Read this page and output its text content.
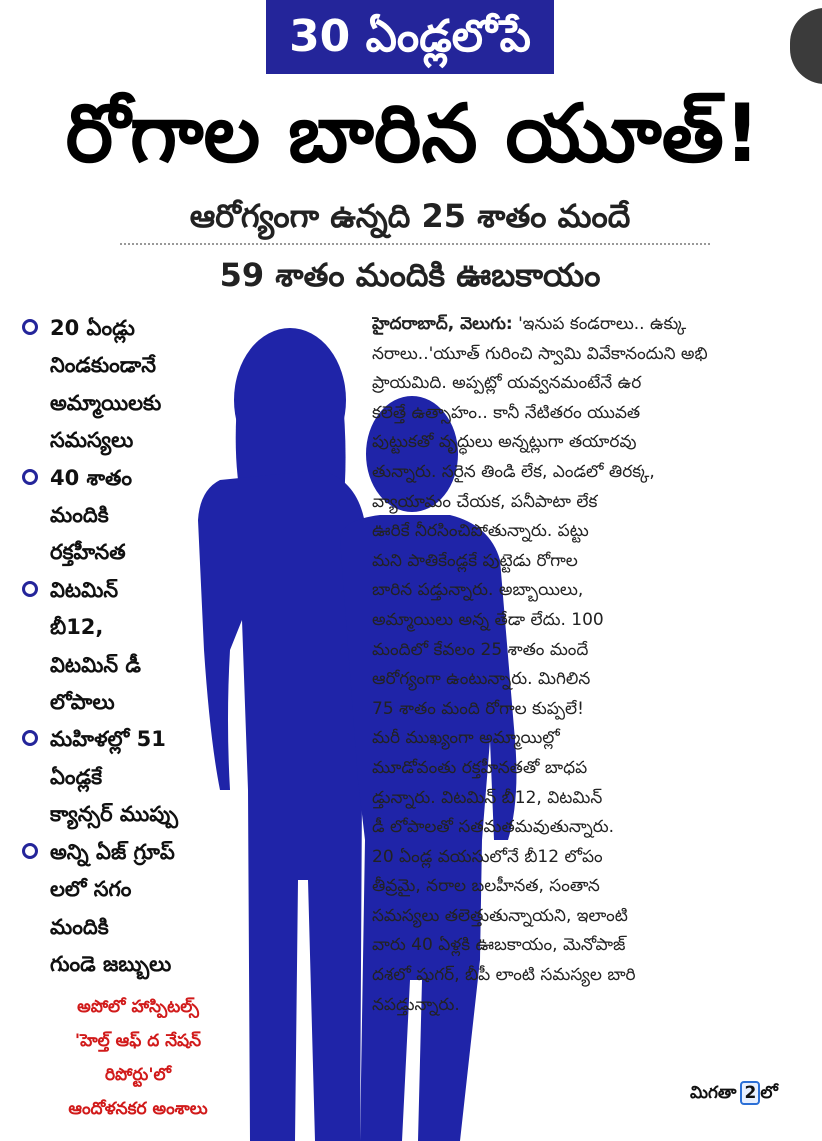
30 ఏండ్లలోపే
రోగాల బారిన యూత్!
ఆరోగ్యంగా ఉన్నది 25 శాతం మందే
59 శాతం మందికి ఊబకాయం
20 ఏండ్లు
నిండకుండానే
అమ్మాయిలకు
సమస్యలు
40 శాతం
మందికి
రక్తహీనత
విటమిన్
బీ12,
విటమిన్ డీ
లోపాలు
మహిళల్లో 51
ఏండ్లకే
క్యాన్సర్ ముప్పు
అన్ని ఏజ్ గ్రూప్
లలో సగం
మందికి
గుండె జబ్బులు
అపోలో హాస్పిటల్స్
'హెల్త్ ఆఫ్ ద నేషన్
రిపోర్టు'లో
ఆందోళనకర అంశాలు
హైదరాబాద్, వెలుగు: 'ఇనుప కండరాలు.. ఉక్కు
నరాలు..'యూత్ గురించి స్వామి వివేకానందుని అభి
ప్రాయమిది. అప్పట్లో యవ్వనమంటేనే ఉర
కలెత్తే ఉత్సాహం.. కానీ నేటితరం యువత
పుట్టుకతో వృద్ధులు అన్నట్లుగా తయారవు
తున్నారు. సరైన తిండి లేక, ఎండలో తిరక్క,
వ్యాయామం చేయక, పనీపాటా లేక
ఊరికే నీరసించిపోతున్నారు. పట్టు
మని పాతికేండ్లకే పుట్టెడు రోగాల
బారిన పడ్తున్నారు. అబ్బాయిలు,
అమ్మాయిలు అన్న తేడా లేదు. 100
మందిలో కేవలం 25 శాతం మందే
ఆరోగ్యంగా ఉంటున్నారు. మిగిలిన
75 శాతం మంది రోగాల కుప్పలే!
మరీ ముఖ్యంగా అమ్మాయిల్లో
మూడోవంతు రక్తహీనతతో బాధప
డ్తున్నారు. విటమిన్ బీ12, విటమిన్
డీ లోపాలతో సతమతమవుతున్నారు.
20 ఏండ్ల వయసులోనే బీ12 లోపం
తీవ్రమై, నరాల బలహీనత, సంతాన
సమస్యలు తలెత్తుతున్నాయని, ఇలాంటి
వారు 40 ఏళ్లకి ఊబకాయం, మెనోపాజ్
దశలో షుగర్, బీపీ లాంటి సమస్యల బారి
నపడ్తున్నారు.
మిగతా 2 లో
